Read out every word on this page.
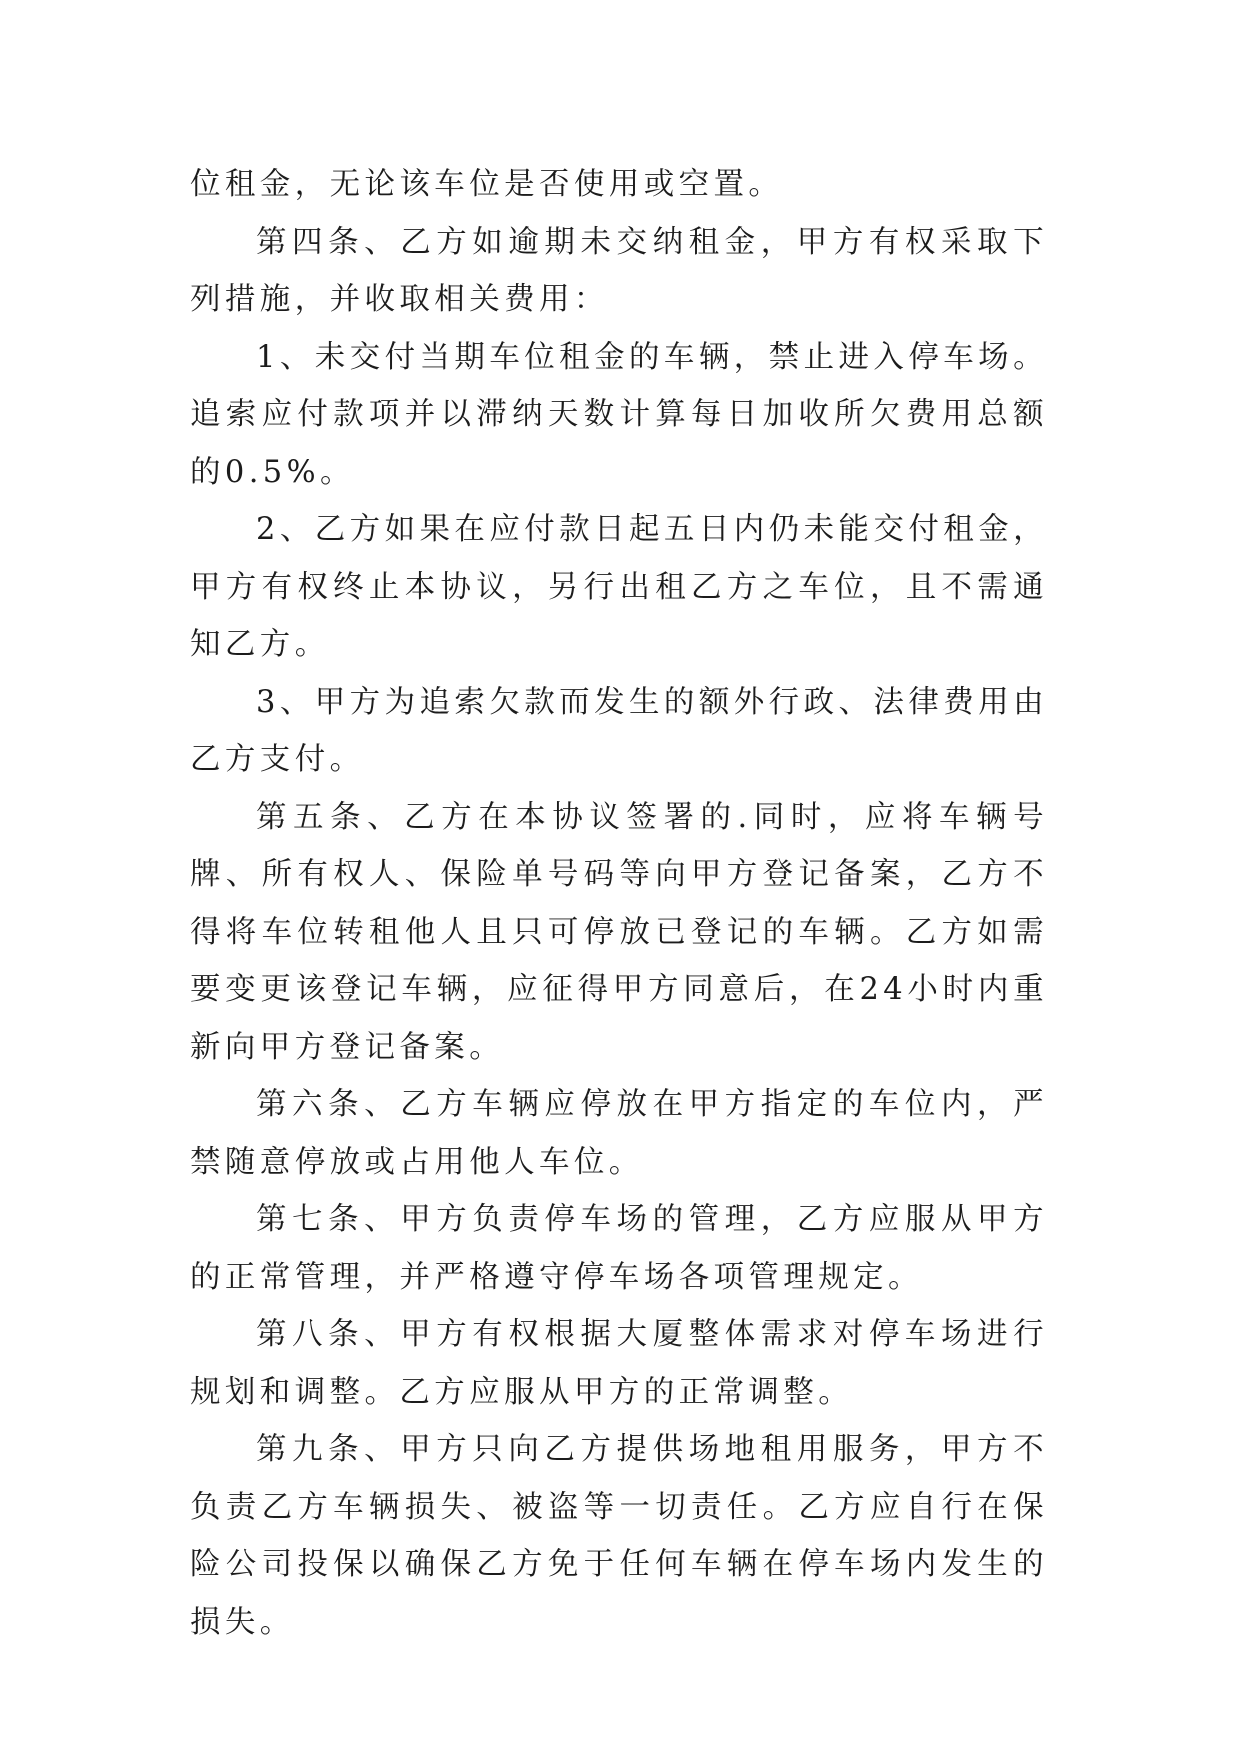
位租金，无论该车位是否使用或空置。

第四条、乙方如逾期未交纳租金，甲方有权采取下列措施，并收取相关费用：

1、未交付当期车位租金的车辆，禁止进入停车场。追索应付款项并以滞纳天数计算每日加收所欠费用总额的0.5%。

2、乙方如果在应付款日起五日内仍未能交付租金，甲方有权终止本协议，另行出租乙方之车位，且不需通知乙方。

3、甲方为追索欠款而发生的额外行政、法律费用由乙方支付。

第五条、乙方在本协议签署的.同时，应将车辆号牌、所有权人、保险单号码等向甲方登记备案，乙方不得将车位转租他人且只可停放已登记的车辆。乙方如需要变更该登记车辆，应征得甲方同意后，在24小时内重新向甲方登记备案。

第六条、乙方车辆应停放在甲方指定的车位内，严禁随意停放或占用他人车位。

第七条、甲方负责停车场的管理，乙方应服从甲方的正常管理，并严格遵守停车场各项管理规定。

第八条、甲方有权根据大厦整体需求对停车场进行规划和调整。乙方应服从甲方的正常调整。

第九条、甲方只向乙方提供场地租用服务，甲方不负责乙方车辆损失、被盗等一切责任。乙方应自行在保险公司投保以确保乙方免于任何车辆在停车场内发生的损失。
